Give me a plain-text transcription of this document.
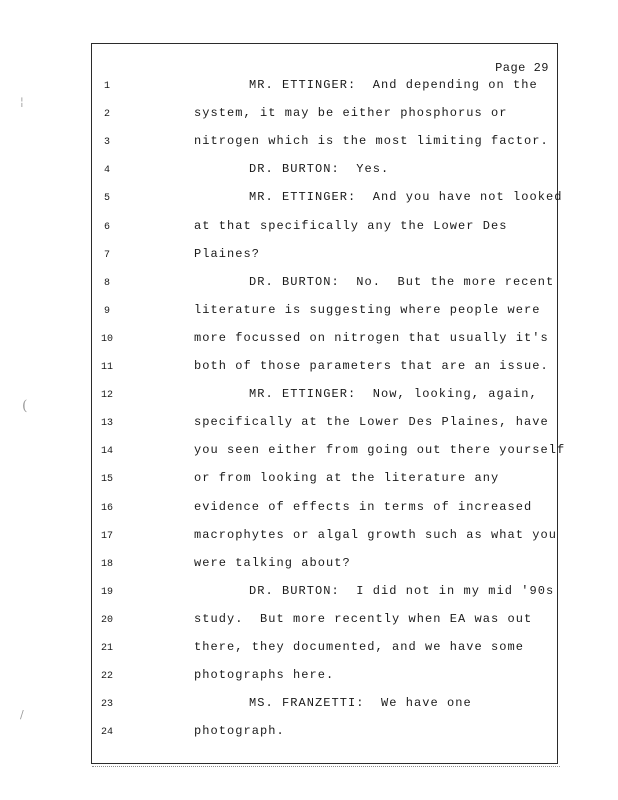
¦
(
/
Page 29
1	MR. ETTINGER:  And depending on the
2	system, it may be either phosphorus or
3	nitrogen which is the most limiting factor.
4	DR. BURTON:  Yes.
5	MR. ETTINGER:  And you have not looked
6	at that specifically any the Lower Des
7	Plaines?
8	DR. BURTON:  No.  But the more recent
9	literature is suggesting where people were
10	more focussed on nitrogen that usually it's
11	both of those parameters that are an issue.
12	MR. ETTINGER:  Now, looking, again,
13	specifically at the Lower Des Plaines, have
14	you seen either from going out there yourself
15	or from looking at the literature any
16	evidence of effects in terms of increased
17	macrophytes or algal growth such as what you
18	were talking about?
19	DR. BURTON:  I did not in my mid '90s
20	study.  But more recently when EA was out
21	there, they documented, and we have some
22	photographs here.
23	MS. FRANZETTI:  We have one
24	photograph.
